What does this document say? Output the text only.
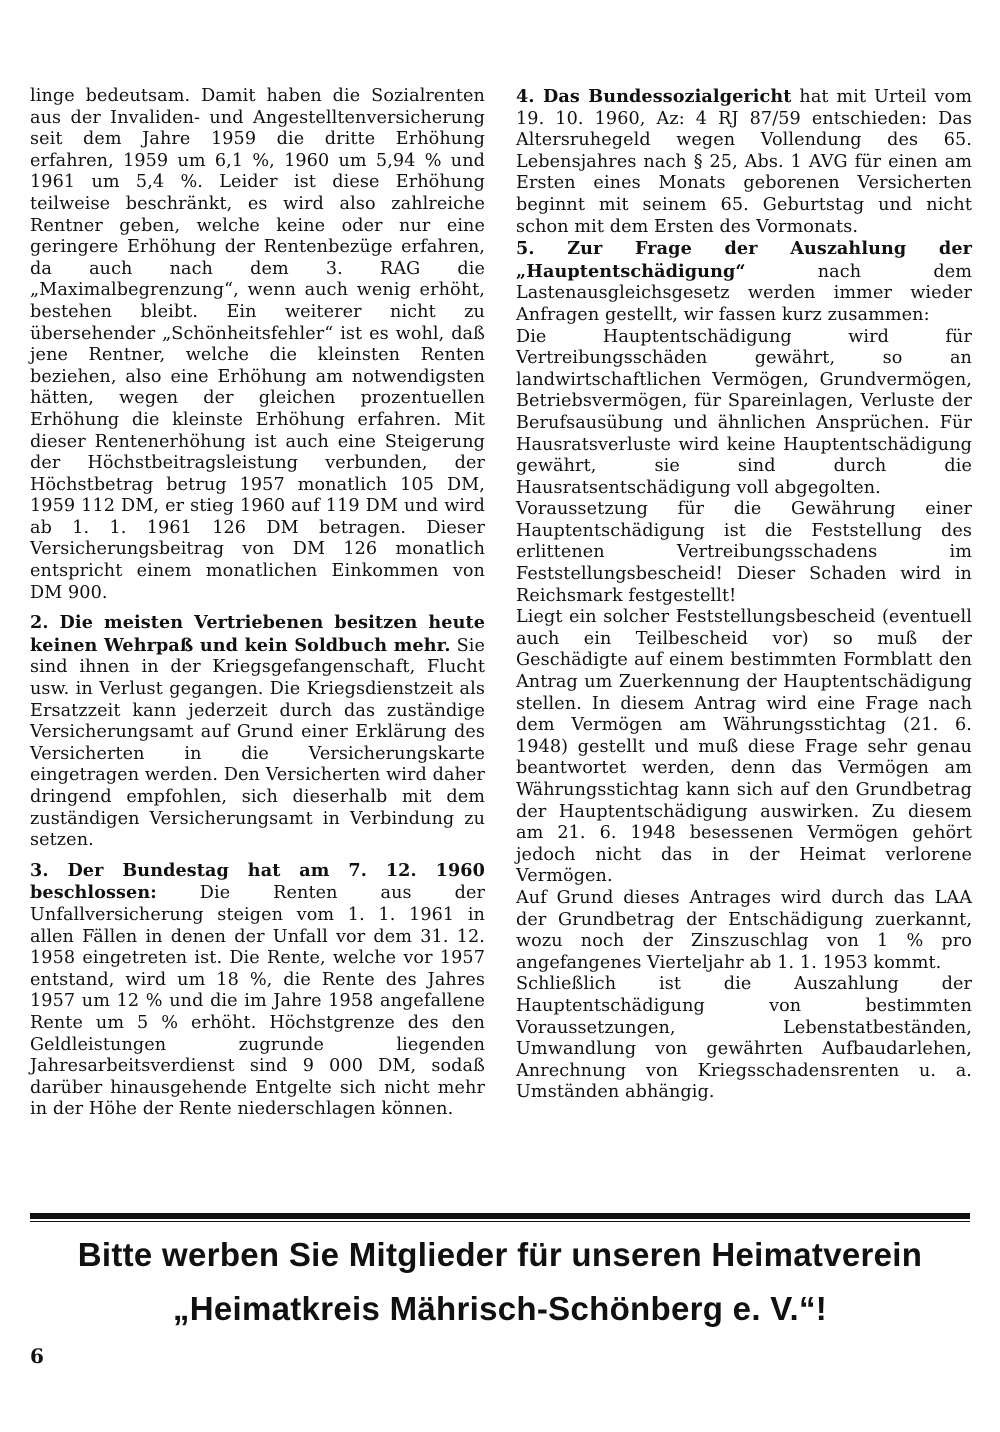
linge bedeutsam. Damit haben die Sozialrenten aus der Invaliden- und Angestelltenversicherung seit dem Jahre 1959 die dritte Erhöhung erfahren, 1959 um 6,1 %, 1960 um 5,94 % und 1961 um 5,4 %. Leider ist diese Erhöhung teilweise beschränkt, es wird also zahlreiche Rentner geben, welche keine oder nur eine geringere Erhöhung der Rentenbezüge erfahren, da auch nach dem 3. RAG die „Maximalbegrenzung“, wenn auch wenig erhöht, bestehen bleibt. Ein weiterer nicht zu übersehender „Schönheitsfehler“ ist es wohl, daß jene Rentner, welche die kleinsten Renten beziehen, also eine Erhöhung am notwendigsten hätten, wegen der gleichen prozentuellen Erhöhung die kleinste Erhöhung erfahren. Mit dieser Rentenerhöhung ist auch eine Steigerung der Höchstbeitragsleistung verbunden, der Höchstbetrag betrug 1957 monatlich 105 DM, 1959 112 DM, er stieg 1960 auf 119 DM und wird ab 1. 1. 1961 126 DM betragen. Dieser Versicherungsbeitrag von DM 126 monatlich entspricht einem monatlichen Einkommen von DM 900.

2. Die meisten Vertriebenen besitzen heute keinen Wehrpaß und kein Soldbuch mehr. Sie sind ihnen in der Kriegsgefangenschaft, Flucht usw. in Verlust gegangen. Die Kriegsdienstzeit als Ersatzzeit kann jederzeit durch das zuständige Versicherungsamt auf Grund einer Erklärung des Versicherten in die Versicherungskarte eingetragen werden. Den Versicherten wird daher dringend empfohlen, sich dieserhalb mit dem zuständigen Versicherungsamt in Verbindung zu setzen.

3. Der Bundestag hat am 7. 12. 1960 beschlossen: Die Renten aus der Unfallversicherung steigen vom 1. 1. 1961 in allen Fällen in denen der Unfall vor dem 31. 12. 1958 eingetreten ist. Die Rente, welche vor 1957 entstand, wird um 18 %, die Rente des Jahres 1957 um 12 % und die im Jahre 1958 angefallene Rente um 5 % erhöht. Höchstgrenze des den Geldleistungen zugrunde liegenden Jahresarbeitsverdienst sind 9 000 DM, sodaß darüber hinausgehende Entgelte sich nicht mehr in der Höhe der Rente niederschlagen können.

4. Das Bundessozialgericht hat mit Urteil vom 19. 10. 1960, Az: 4 RJ 87/59 entschieden: Das Altersruhegeld wegen Vollendung des 65. Lebensjahres nach § 25, Abs. 1 AVG für einen am Ersten eines Monats geborenen Versicherten beginnt mit seinem 65. Geburtstag und nicht schon mit dem Ersten des Vormonats.

5. Zur Frage der Auszahlung der „Hauptentschädigung“ nach dem Lastenausgleichsgesetz werden immer wieder Anfragen gestellt, wir fassen kurz zusammen:

Die Hauptentschädigung wird für Vertreibungsschäden gewährt, so an landwirtschaftlichen Vermögen, Grundvermögen, Betriebsvermögen, für Spareinlagen, Verluste der Berufsausübung und ähnlichen Ansprüchen. Für Hausratsverluste wird keine Hauptentschädigung gewährt, sie sind durch die Hausratsentschädigung voll abgegolten.

Voraussetzung für die Gewährung einer Hauptentschädigung ist die Feststellung des erlittenen Vertreibungsschadens im Feststellungsbescheid! Dieser Schaden wird in Reichsmark festgestellt!

Liegt ein solcher Feststellungsbescheid (eventuell auch ein Teilbescheid vor) so muß der Geschädigte auf einem bestimmten Formblatt den Antrag um Zuerkennung der Hauptentschädigung stellen. In diesem Antrag wird eine Frage nach dem Vermögen am Währungsstichtag (21. 6. 1948) gestellt und muß diese Frage sehr genau beantwortet werden, denn das Vermögen am Währungsstichtag kann sich auf den Grundbetrag der Hauptentschädigung auswirken. Zu diesem am 21. 6. 1948 besessenen Vermögen gehört jedoch nicht das in der Heimat verlorene Vermögen.

Auf Grund dieses Antrages wird durch das LAA der Grundbetrag der Entschädigung zuerkannt, wozu noch der Zinszuschlag von 1 % pro angefangenes Vierteljahr ab 1. 1. 1953 kommt.

Schließlich ist die Auszahlung der Hauptentschädigung von bestimmten Voraussetzungen, Lebenstatbeständen, Umwandlung von gewährten Aufbaudarlehen, Anrechnung von Kriegsschadensrenten u. a. Umständen abhängig.

Bitte werben Sie Mitglieder für unseren Heimatverein
„Heimatkreis Mährisch-Schönberg e. V.“!
6
